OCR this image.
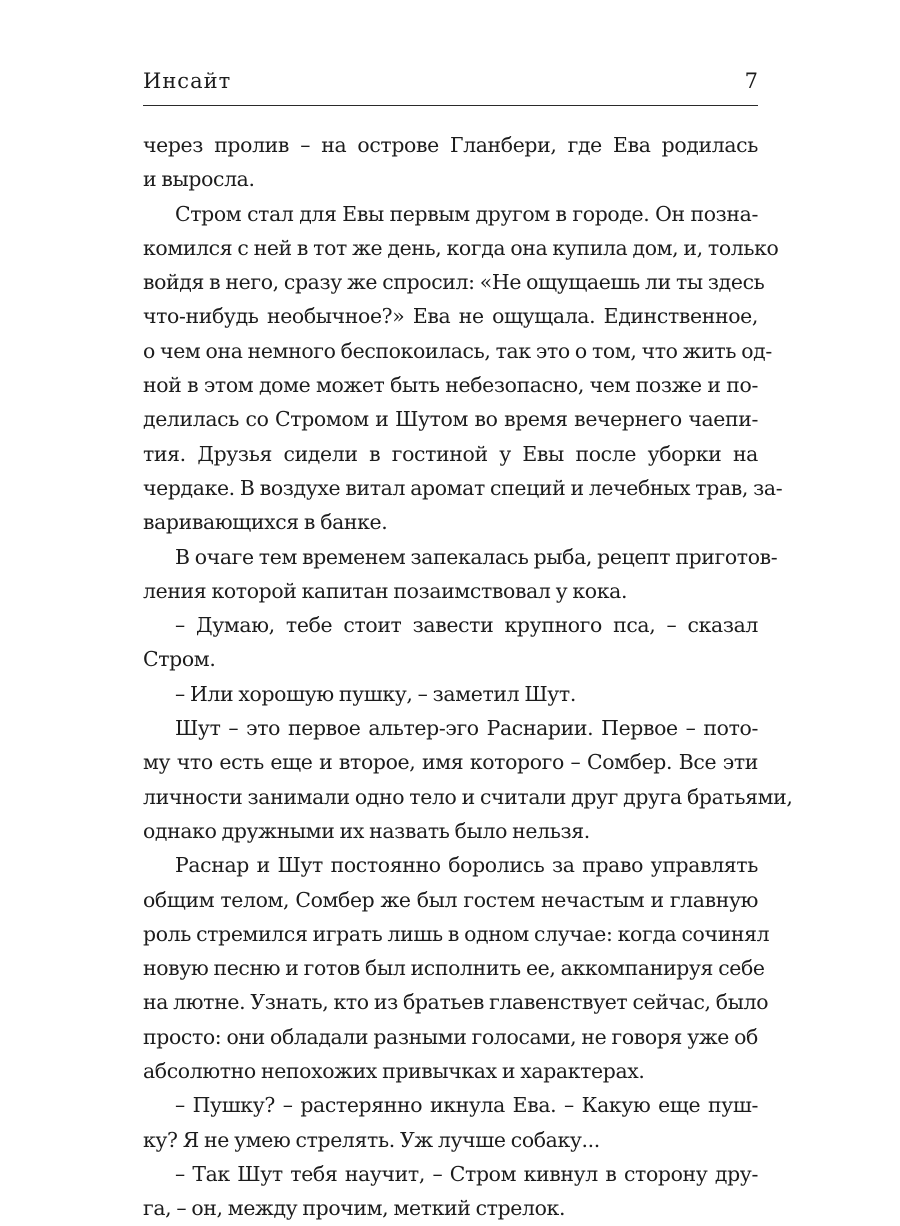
Инсайт	7
через пролив – на острове Гланбери, где Ева родилась
и выросла.
Стром стал для Евы первым другом в городе. Он позна-
комился с ней в тот же день, когда она купила дом, и, только
войдя в него, сразу же спросил: «Не ощущаешь ли ты здесь
что-нибудь необычное?» Ева не ощущала. Единственное,
о чем она немного беспокоилась, так это о том, что жить од-
ной в этом доме может быть небезопасно, чем позже и по-
делилась со Стромом и Шутом во время вечернего чаепи-
тия. Друзья сидели в гостиной у Евы после уборки на
чердаке. В воздухе витал аромат специй и лечебных трав, за-
варивающихся в банке.
В очаге тем временем запекалась рыба, рецепт приготов-
ления которой капитан позаимствовал у кока.
– Думаю, тебе стоит завести крупного пса, – сказал
Стром.
– Или хорошую пушку, – заметил Шут.
Шут – это первое альтер-эго Раснарии. Первое – пото-
му что есть еще и второе, имя которого – Сомбер. Все эти
личности занимали одно тело и считали друг друга братьями,
однако дружными их назвать было нельзя.
Раснар и Шут постоянно боролись за право управлять
общим телом, Сомбер же был гостем нечастым и главную
роль стремился играть лишь в одном случае: когда сочинял
новую песню и готов был исполнить ее, аккомпанируя себе
на лютне. Узнать, кто из братьев главенствует сейчас, было
просто: они обладали разными голосами, не говоря уже об
абсолютно непохожих привычках и характерах.
– Пушку? – растерянно икнула Ева. – Какую еще пуш-
ку? Я не умею стрелять. Уж лучше собаку...
– Так Шут тебя научит, – Стром кивнул в сторону дру-
га, – он, между прочим, меткий стрелок.
